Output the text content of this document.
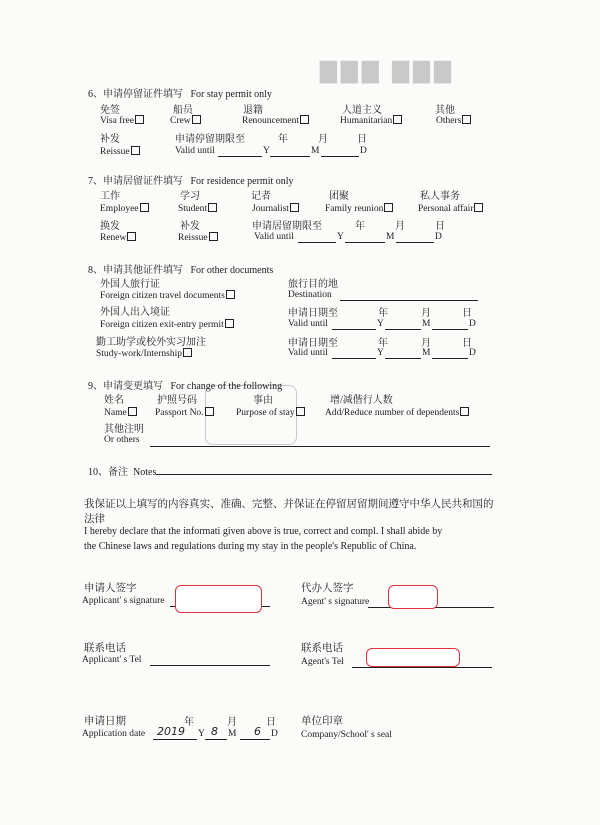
▇▇▇ ▇▇▇
6、申请停留证件填写 For stay permit only
免签	船员	退籍	人道主义	其他
Visa free	Crew	Renouncement	Humanitarian	Others
补发	申请停留期限至	年	月	日
Reissue	Valid until	Y	M	D
7、申请居留证件填写 For residence permit only
工作	学习	记者	团聚	私人事务
Employee	Student	Journalist	Family reunion	Personal affair
换发	补发	申请居留期限至	年	月	日
Renew	Reissue	Valid until	Y	M	D
8、申请其他证件填写 For other documents
外国人旅行证	旅行目的地
Foreign citizen travel documents	Destination
外国人出入境证	申请日期至	年	月	日
Foreign citizen exit-entry permit	Valid until	Y	M	D
勤工助学或校外实习加注	申请日期至	年	月	日
Study-work/Internship	Valid until	Y	M	D
9、申请变更填写 For change of the following
姓名	护照号码	事由	增/减偕行人数
Name	Passport No.	Purpose of stay	Add/Reduce number of dependents
其他注明
Or others
10、备注 Notes
我保证以上填写的内容真实、准确、完整、并保证在停留居留期间遵守中华人民共和国的
法律
I hereby declare that the informati given above is true, correct and compl. I shall abide by
the Chinese laws and regulations during my stay in the people's Republic of China.
申请人签字
Applicant' s signature
代办人签字
Agent' s signature
联系电话
Applicant' s Tel
联系电话
Agent's Tel
申请日期	年	月	日
Application date 2019 Y 8 M 6 D
单位印章
Company/School' s seal
